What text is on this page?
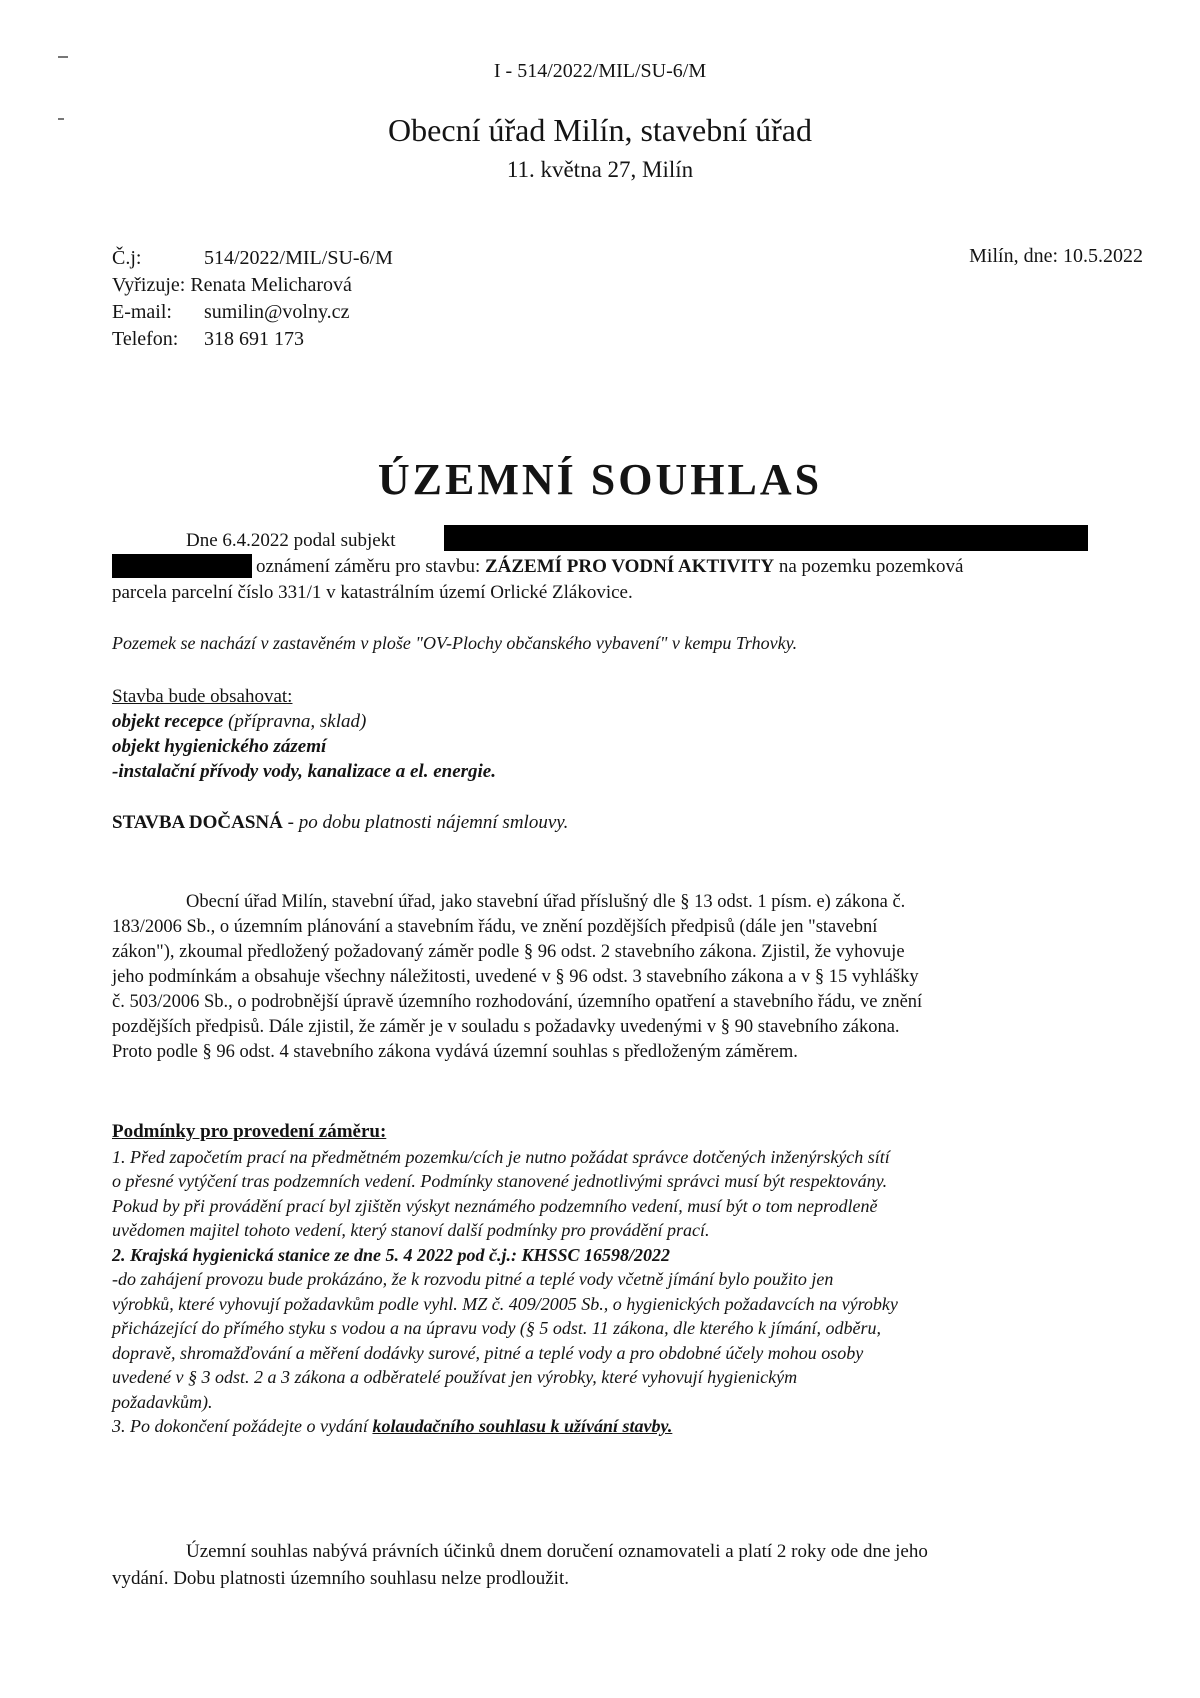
I - 514/2022/MIL/SU-6/M
Obecní úřad Milín, stavební úřad
11. května 27, Milín
Č.j:	514/2022/MIL/SU-6/M
Vyřizuje:
Renata Melicharová
E-mail:	sumilin@volny.cz
Telefon:	318 691 173
Milín, dne: 10.5.2022
ÚZEMNÍ SOUHLAS
Dne 6.4.2022 podal subjekt
oznámení záměru pro stavbu: ZÁZEMÍ PRO VODNÍ AKTIVITY na pozemku pozemková
parcela parcelní číslo 331/1 v katastrálním území Orlické Zlákovice.
Pozemek se nachází v zastavěném v ploše "OV-Plochy občanského vybavení" v kempu Trhovky.
Stavba bude obsahovat:
objekt recepce (přípravna, sklad)
objekt hygienického zázemí
-instalační přívody vody, kanalizace a el. energie.
STAVBA DOČASNÁ - po dobu platnosti nájemní smlouvy.
Obecní úřad Milín, stavební úřad, jako stavební úřad příslušný dle § 13 odst. 1 písm. e) zákona č.
183/2006 Sb., o územním plánování a stavebním řádu, ve znění pozdějších předpisů (dále jen "stavební
zákon"), zkoumal předložený požadovaný záměr podle § 96 odst. 2 stavebního zákona. Zjistil, že vyhovuje
jeho podmínkám a obsahuje všechny náležitosti, uvedené v § 96 odst. 3 stavebního zákona a v § 15 vyhlášky
č. 503/2006 Sb., o podrobnější úpravě územního rozhodování, územního opatření a stavebního řádu, ve znění
pozdějších předpisů. Dále zjistil, že záměr je v souladu s požadavky uvedenými v § 90 stavebního zákona.
Proto podle § 96 odst. 4 stavebního zákona vydává územní souhlas s předloženým záměrem.
Podmínky pro provedení záměru:
1. Před započetím prací na předmětném pozemku/cích je nutno požádat správce dotčených inženýrských sítí
o přesné vytýčení tras podzemních vedení. Podmínky stanovené jednotlivými správci musí být respektovány.
Pokud by při provádění prací byl zjištěn výskyt neznámého podzemního vedení, musí být o tom neprodleně
uvědomen majitel tohoto vedení, který stanoví další podmínky pro provádění prací.
2. Krajská hygienická stanice ze dne 5. 4 2022 pod č.j.: KHSSC 16598/2022
-do zahájení provozu bude prokázáno, že k rozvodu pitné a teplé vody včetně jímání bylo použito jen
výrobků, které vyhovují požadavkům podle vyhl. MZ č. 409/2005 Sb., o hygienických požadavcích na výrobky
přicházející do přímého styku s vodou a na úpravu vody (§ 5 odst. 11 zákona, dle kterého k jímání, odběru,
dopravě, shromažďování a měření dodávky surové, pitné a teplé vody a pro obdobné účely mohou osoby
uvedené v § 3 odst. 2 a 3 zákona a odběratelé používat jen výrobky, které vyhovují hygienickým
požadavkům).
3. Po dokončení požádejte o vydání kolaudačního souhlasu k užívání stavby.
Územní souhlas nabývá právních účinků dnem doručení oznamovateli a platí 2 roky ode dne jeho
vydání. Dobu platnosti územního souhlasu nelze prodloužit.
